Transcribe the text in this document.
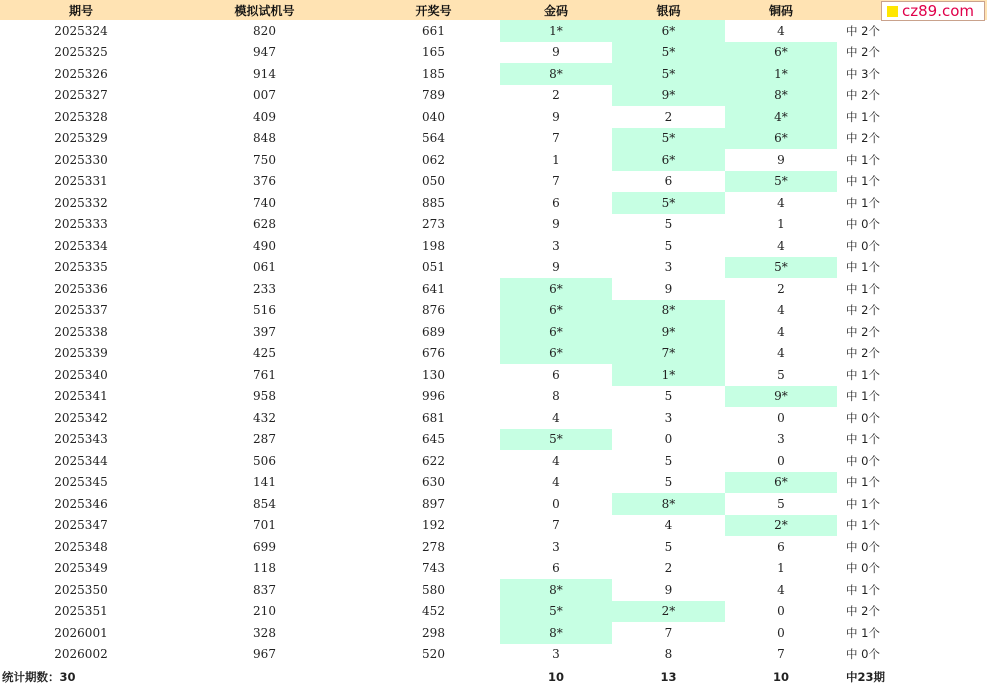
期号	模拟试机号	开奖号	金码	银码	铜码	
2025324	820	661	1*	6*	4	中 2个
2025325	947	165	9	5*	6*	中 2个
2025326	914	185	8*	5*	1*	中 3个
2025327	007	789	2	9*	8*	中 2个
2025328	409	040	9	2	4*	中 1个
2025329	848	564	7	5*	6*	中 2个
2025330	750	062	1	6*	9	中 1个
2025331	376	050	7	6	5*	中 1个
2025332	740	885	6	5*	4	中 1个
2025333	628	273	9	5	1	中 0个
2025334	490	198	3	5	4	中 0个
2025335	061	051	9	3	5*	中 1个
2025336	233	641	6*	9	2	中 1个
2025337	516	876	6*	8*	4	中 2个
2025338	397	689	6*	9*	4	中 2个
2025339	425	676	6*	7*	4	中 2个
2025340	761	130	6	1*	5	中 1个
2025341	958	996	8	5	9*	中 1个
2025342	432	681	4	3	0	中 0个
2025343	287	645	5*	0	3	中 1个
2025344	506	622	4	5	0	中 0个
2025345	141	630	4	5	6*	中 1个
2025346	854	897	0	8*	5	中 1个
2025347	701	192	7	4	2*	中 1个
2025348	699	278	3	5	6	中 0个
2025349	118	743	6	2	1	中 0个
2025350	837	580	8*	9	4	中 1个
2025351	210	452	5*	2*	0	中 2个
2026001	328	298	8*	7	0	中 1个
2026002	967	520	3	8	7	中 0个
统计期数：30			10	13	10	中23期
cz89.com
